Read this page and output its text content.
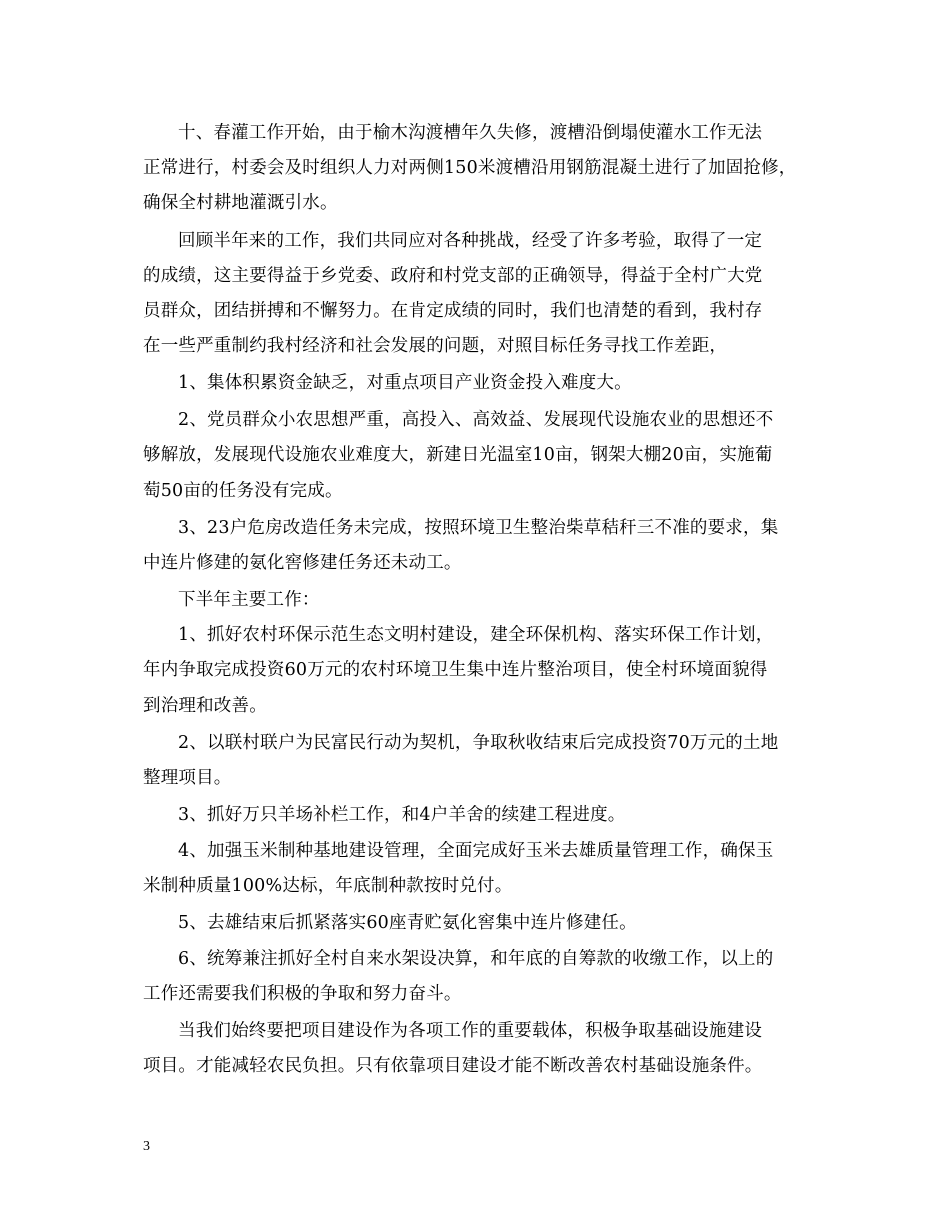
十、春灌工作开始，由于榆木沟渡槽年久失修，渡槽沿倒塌使灌水工作无法
正常进行，村委会及时组织人力对两侧150米渡槽沿用钢筋混凝土进行了加固抢修，
确保全村耕地灌溉引水。
回顾半年来的工作，我们共同应对各种挑战，经受了许多考验，取得了一定
的成绩，这主要得益于乡党委、政府和村党支部的正确领导，得益于全村广大党
员群众，团结拼搏和不懈努力。在肯定成绩的同时，我们也清楚的看到，我村存
在一些严重制约我村经济和社会发展的问题，对照目标任务寻找工作差距，
1、集体积累资金缺乏，对重点项目产业资金投入难度大。
2、党员群众小农思想严重，高投入、高效益、发展现代设施农业的思想还不
够解放，发展现代设施农业难度大，新建日光温室10亩，钢架大棚20亩，实施葡
萄50亩的任务没有完成。
3、23户危房改造任务未完成，按照环境卫生整治柴草秸秆三不准的要求，集
中连片修建的氨化窖修建任务还未动工。
下半年主要工作：
1、抓好农村环保示范生态文明村建设，建全环保机构、落实环保工作计划，
年内争取完成投资60万元的农村环境卫生集中连片整治项目，使全村环境面貌得
到治理和改善。
2、以联村联户为民富民行动为契机，争取秋收结束后完成投资70万元的土地
整理项目。
3、抓好万只羊场补栏工作，和4户羊舍的续建工程进度。
4、加强玉米制种基地建设管理，全面完成好玉米去雄质量管理工作，确保玉
米制种质量100%达标，年底制种款按时兑付。
5、去雄结束后抓紧落实60座青贮氨化窖集中连片修建任。
6、统筹兼注抓好全村自来水架设决算，和年底的自筹款的收缴工作，以上的
工作还需要我们积极的争取和努力奋斗。
当我们始终要把项目建设作为各项工作的重要载体，积极争取基础设施建设
项目。才能减轻农民负担。只有依靠项目建设才能不断改善农村基础设施条件。
3
